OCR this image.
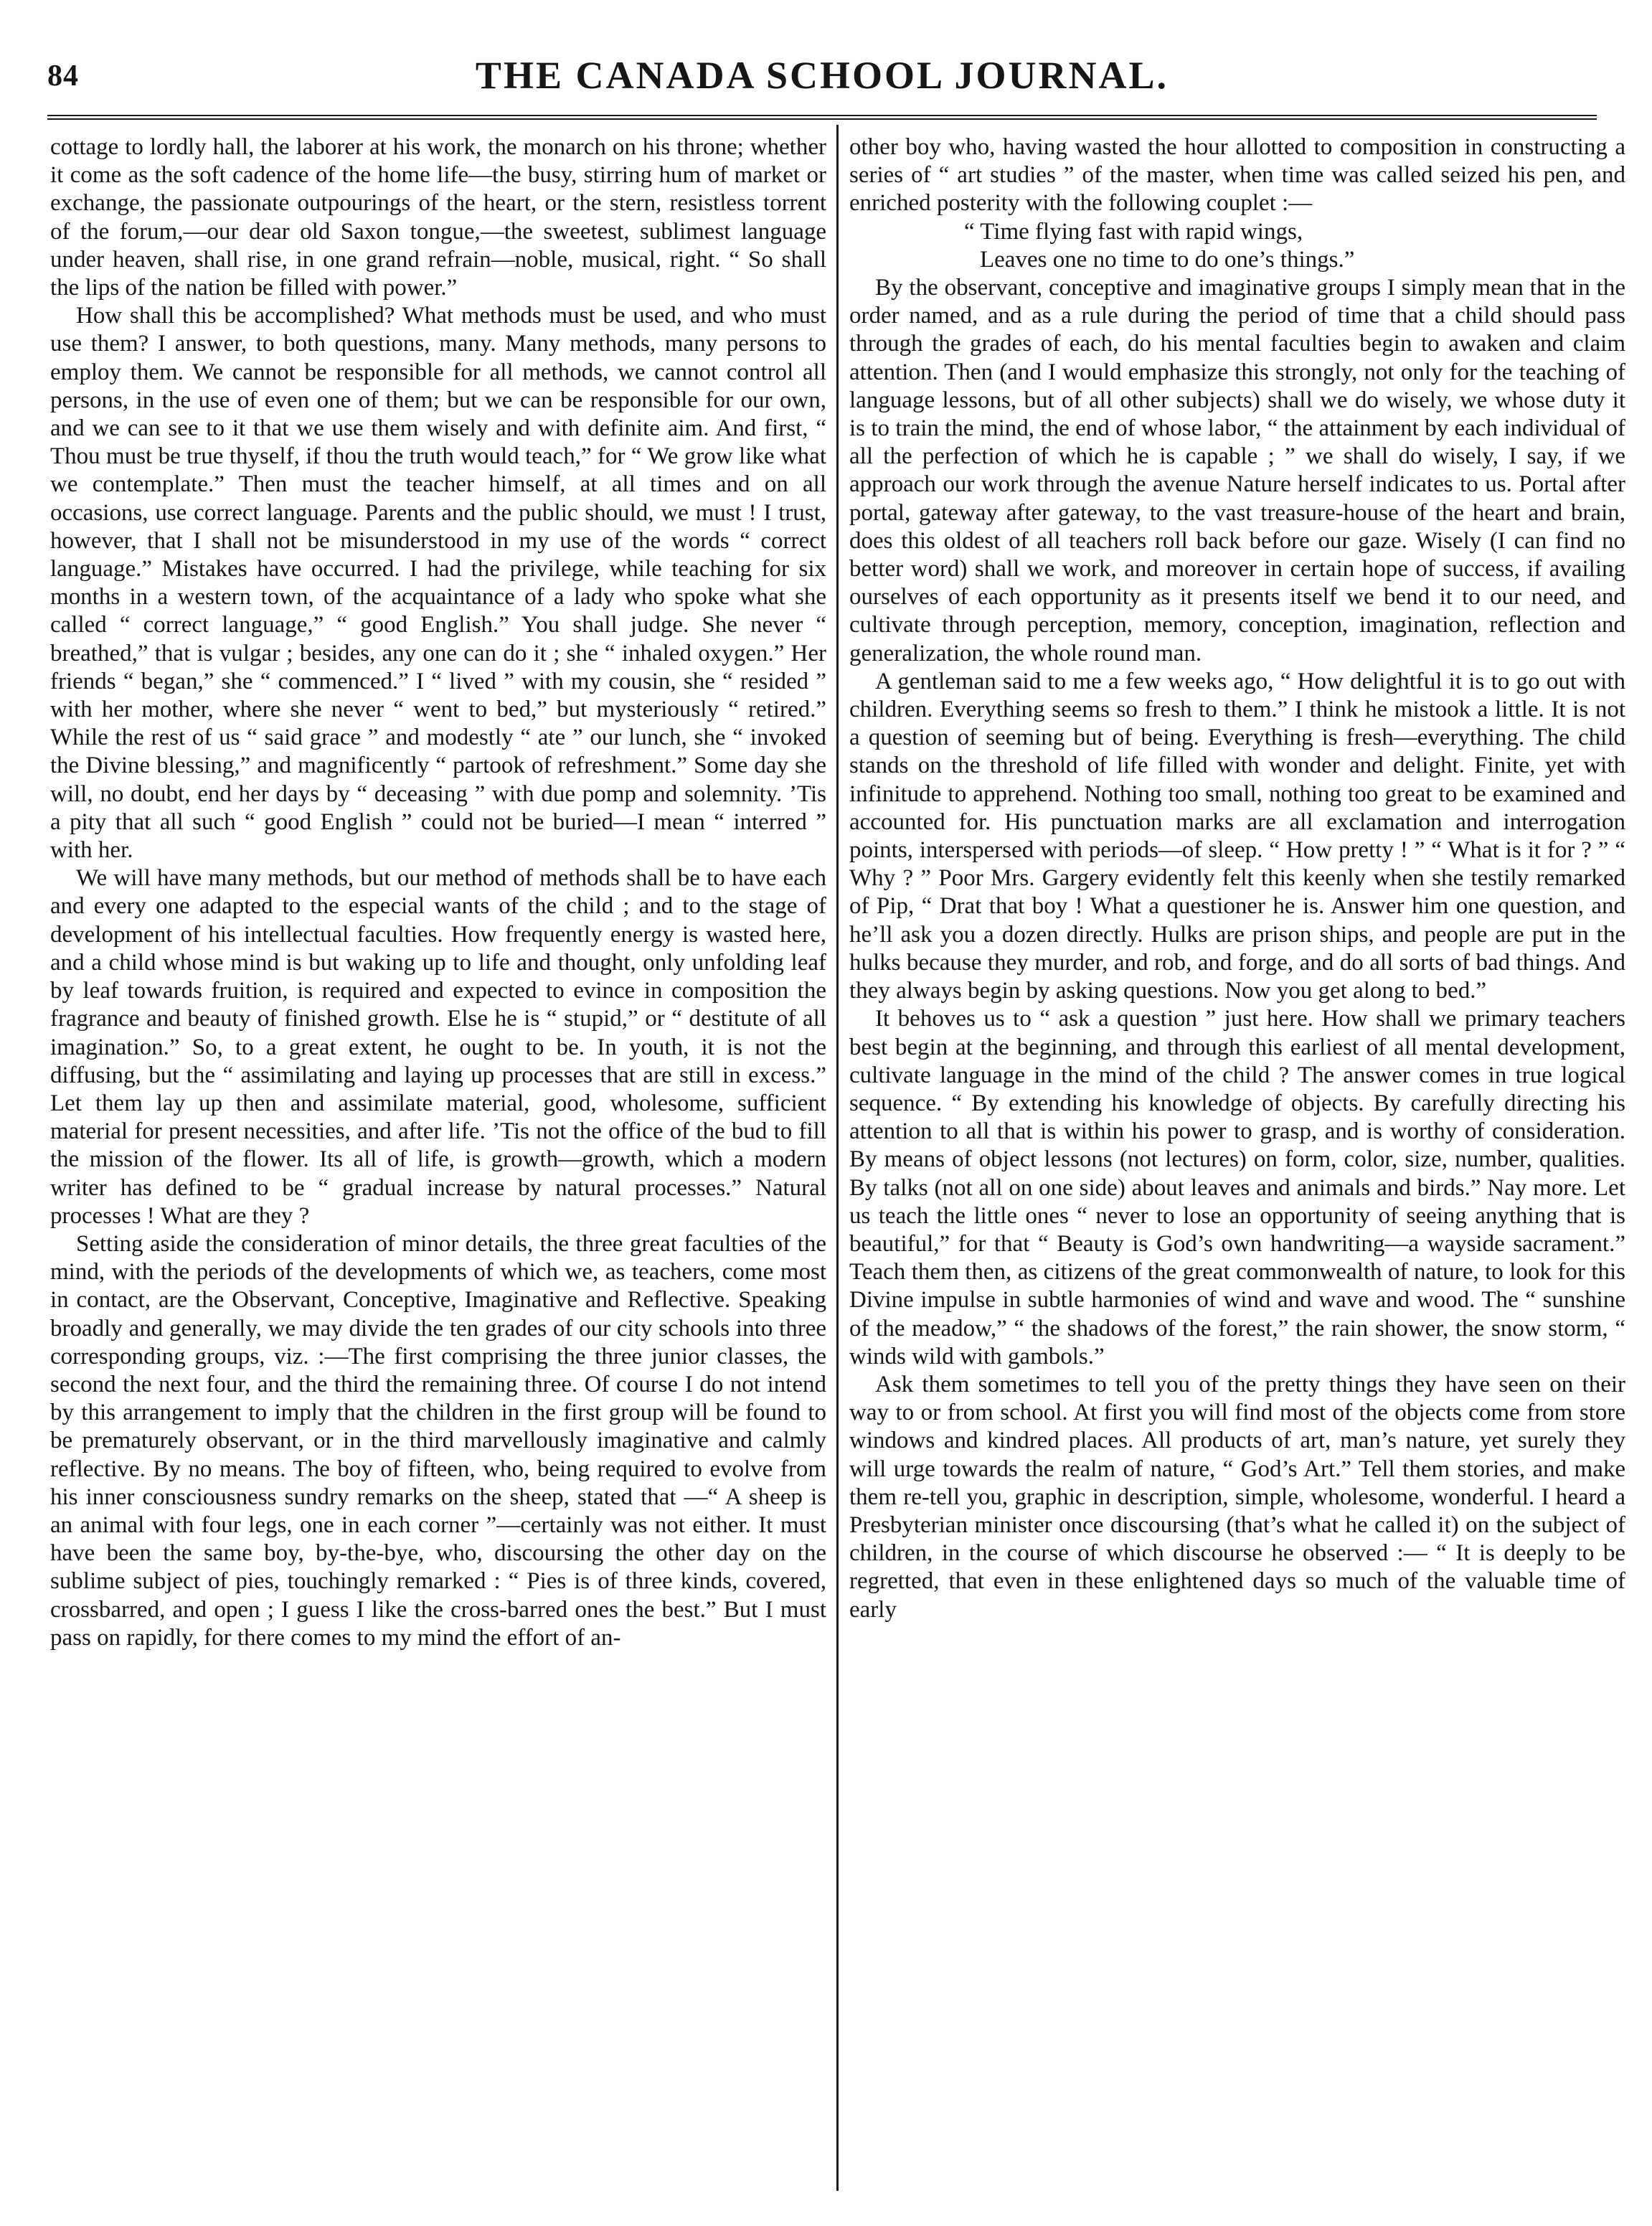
84	THE CANADA SCHOOL JOURNAL.

cottage to lordly hall, the laborer at his work, the monarch on his throne; whether it come as the soft cadence of the home life—the busy, stirring hum of market or exchange, the passionate outpourings of the heart, or the stern, resistless torrent of the forum,—our dear old Saxon tongue,—the sweetest, sublimest language under heaven, shall rise, in one grand refrain—noble, musical, right. “ So shall the lips of the nation be filled with power.”

How shall this be accomplished? What methods must be used, and who must use them? I answer, to both questions, many. Many methods, many persons to employ them. We cannot be responsible for all methods, we cannot control all persons, in the use of even one of them; but we can be responsible for our own, and we can see to it that we use them wisely and with definite aim. And first, “ Thou must be true thyself, if thou the truth would teach,” for “ We grow like what we contemplate.” Then must the teacher himself, at all times and on all occasions, use correct language. Parents and the public should, we must ! I trust, however, that I shall not be misunderstood in my use of the words “ correct language.” Mistakes have occurred. I had the privilege, while teaching for six months in a western town, of the acquaintance of a lady who spoke what she called “ correct language,” “ good English.” You shall judge. She never “ breathed,” that is vulgar ; besides, any one can do it ; she “ inhaled oxygen.” Her friends “ began,” she “ commenced.” I “ lived ” with my cousin, she “ resided ” with her mother, where she never “ went to bed,” but mysteriously “ retired.” While the rest of us “ said grace ” and modestly “ ate ” our lunch, she “ invoked the Divine blessing,” and magnificently “ partook of refreshment.” Some day she will, no doubt, end her days by “ deceasing ” with due pomp and solemnity. ’Tis a pity that all such “ good English ” could not be buried—I mean “ interred ” with her.

We will have many methods, but our method of methods shall be to have each and every one adapted to the especial wants of the child ; and to the stage of development of his intellectual faculties. How frequently energy is wasted here, and a child whose mind is but waking up to life and thought, only unfolding leaf by leaf towards fruition, is required and expected to evince in composition the fragrance and beauty of finished growth. Else he is “ stupid,” or “ destitute of all imagination.” So, to a great extent, he ought to be. In youth, it is not the diffusing, but the “ assimilating and laying up processes that are still in excess.” Let them lay up then and assimilate material, good, wholesome, sufficient material for present necessities, and after life. ’Tis not the office of the bud to fill the mission of the flower. Its all of life, is growth—growth, which a modern writer has defined to be “ gradual increase by natural processes.” Natural processes ! What are they ?

Setting aside the consideration of minor details, the three great faculties of the mind, with the periods of the developments of which we, as teachers, come most in contact, are the Observant, Conceptive, Imaginative and Reflective. Speaking broadly and generally, we may divide the ten grades of our city schools into three corresponding groups, viz. :—The first comprising the three junior classes, the second the next four, and the third the remaining three. Of course I do not intend by this arrangement to imply that the children in the first group will be found to be prematurely observant, or in the third marvellously imaginative and calmly reflective. By no means. The boy of fifteen, who, being required to evolve from his inner consciousness sundry remarks on the sheep, stated that —“ A sheep is an animal with four legs, one in each corner ”—certainly was not either. It must have been the same boy, by-the-bye, who, discoursing the other day on the sublime subject of pies, touchingly remarked : “ Pies is of three kinds, covered, crossbarred, and open ; I guess I like the cross-barred ones the best.” But I must pass on rapidly, for there comes to my mind the effort of an-

other boy who, having wasted the hour allotted to composition in constructing a series of “ art studies ” of the master, when time was called seized his pen, and enriched posterity with the following couplet :—

“ Time flying fast with rapid wings,
Leaves one no time to do one’s things.”

By the observant, conceptive and imaginative groups I simply mean that in the order named, and as a rule during the period of time that a child should pass through the grades of each, do his mental faculties begin to awaken and claim attention. Then (and I would emphasize this strongly, not only for the teaching of language lessons, but of all other subjects) shall we do wisely, we whose duty it is to train the mind, the end of whose labor, “ the attainment by each individual of all the perfection of which he is capable ; ” we shall do wisely, I say, if we approach our work through the avenue Nature herself indicates to us. Portal after portal, gateway after gateway, to the vast treasure-house of the heart and brain, does this oldest of all teachers roll back before our gaze. Wisely (I can find no better word) shall we work, and moreover in certain hope of success, if availing ourselves of each opportunity as it presents itself we bend it to our need, and cultivate through perception, memory, conception, imagination, reflection and generalization, the whole round man.

A gentleman said to me a few weeks ago, “ How delightful it is to go out with children. Everything seems so fresh to them.” I think he mistook a little. It is not a question of seeming but of being. Everything is fresh—everything. The child stands on the threshold of life filled with wonder and delight. Finite, yet with infinitude to apprehend. Nothing too small, nothing too great to be examined and accounted for. His punctuation marks are all exclamation and interrogation points, interspersed with periods—of sleep. “ How pretty ! ” “ What is it for ? ” “ Why ? ” Poor Mrs. Gargery evidently felt this keenly when she testily remarked of Pip, “ Drat that boy ! What a questioner he is. Answer him one question, and he’ll ask you a dozen directly. Hulks are prison ships, and people are put in the hulks because they murder, and rob, and forge, and do all sorts of bad things. And they always begin by asking questions. Now you get along to bed.”

It behoves us to “ ask a question ” just here. How shall we primary teachers best begin at the beginning, and through this earliest of all mental development, cultivate language in the mind of the child ? The answer comes in true logical sequence. “ By extending his knowledge of objects. By carefully directing his attention to all that is within his power to grasp, and is worthy of consideration. By means of object lessons (not lectures) on form, color, size, number, qualities. By talks (not all on one side) about leaves and animals and birds.” Nay more. Let us teach the little ones “ never to lose an opportunity of seeing anything that is beautiful,” for that “ Beauty is God’s own handwriting—a wayside sacrament.” Teach them then, as citizens of the great commonwealth of nature, to look for this Divine impulse in subtle harmonies of wind and wave and wood. The “ sunshine of the meadow,” “ the shadows of the forest,” the rain shower, the snow storm, “ winds wild with gambols.”

Ask them sometimes to tell you of the pretty things they have seen on their way to or from school. At first you will find most of the objects come from store windows and kindred places. All products of art, man’s nature, yet surely they will urge towards the realm of nature, “ God’s Art.” Tell them stories, and make them re-tell you, graphic in description, simple, wholesome, wonderful. I heard a Presbyterian minister once discoursing (that’s what he called it) on the subject of children, in the course of which discourse he observed :— “ It is deeply to be regretted, that even in these enlightened days so much of the valuable time of early
